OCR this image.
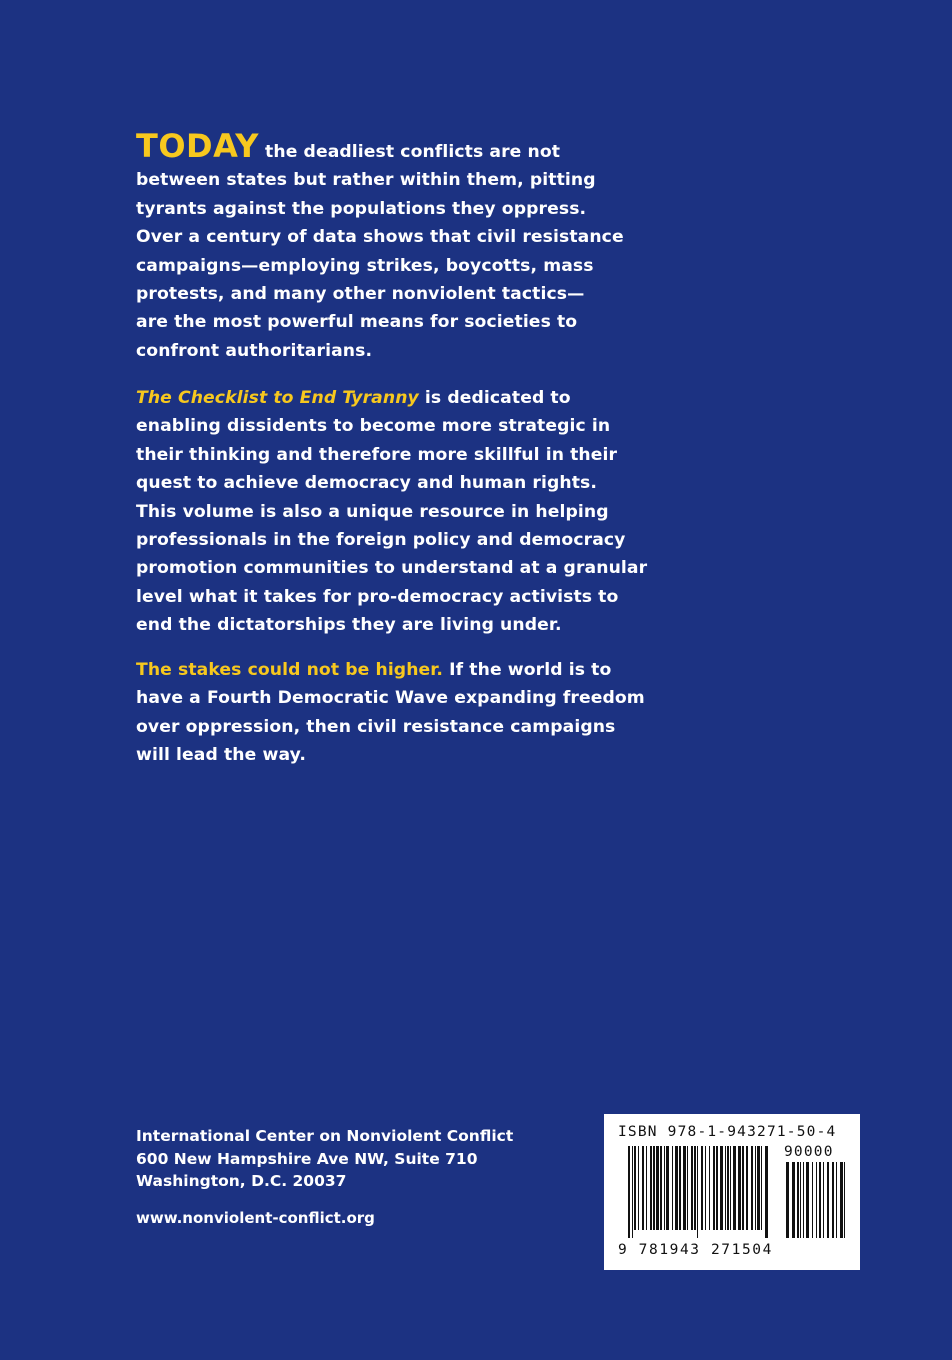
TODAY the deadliest conflicts are not
between states but rather within them, pitting
tyrants against the populations they oppress.
Over a century of data shows that civil resistance
campaigns—employing strikes, boycotts, mass
protests, and many other nonviolent tactics—
are the most powerful means for societies to
confront authoritarians.

The Checklist to End Tyranny is dedicated to
enabling dissidents to become more strategic in
their thinking and therefore more skillful in their
quest to achieve democracy and human rights.
This volume is also a unique resource in helping
professionals in the foreign policy and democracy
promotion communities to understand at a granular
level what it takes for pro-democracy activists to
end the dictatorships they are living under.

The stakes could not be higher. If the world is to
have a Fourth Democratic Wave expanding freedom
over oppression, then civil resistance campaigns
will lead the way.

International Center on Nonviolent Conflict
600 New Hampshire Ave NW, Suite 710
Washington, D.C. 20037
www.nonviolent-conflict.org
ISBN 978-1-943271-50-4
90000
9 781943 271504
